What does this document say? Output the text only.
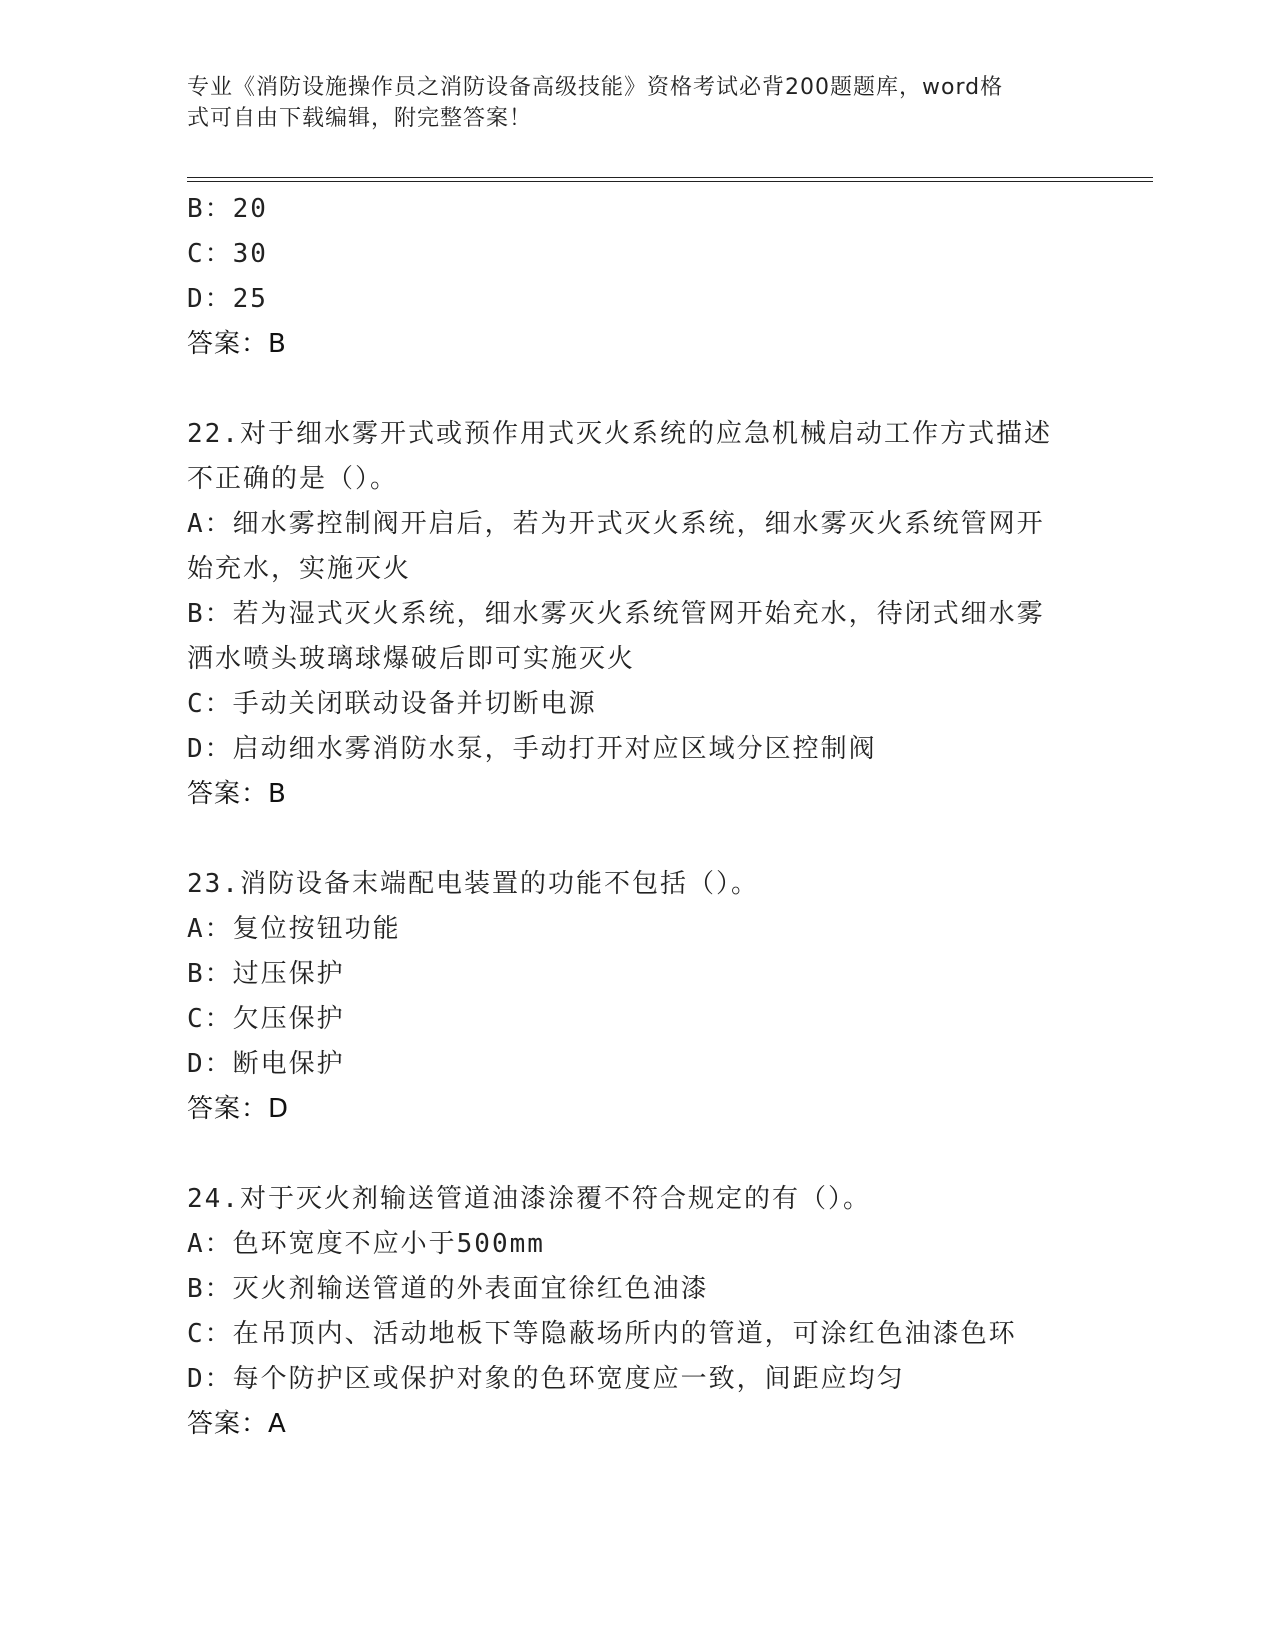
专业《消防设施操作员之消防设备高级技能》资格考试必背200题题库，word格
式可自由下载编辑，附完整答案！
B：20
C：30
D：25
答案：B
22.对于细水雾开式或预作用式灭火系统的应急机械启动工作方式描述
不正确的是（）。
A：细水雾控制阀开启后，若为开式灭火系统，细水雾灭火系统管网开
始充水，实施灭火
B：若为湿式灭火系统，细水雾灭火系统管网开始充水，待闭式细水雾
洒水喷头玻璃球爆破后即可实施灭火
C：手动关闭联动设备并切断电源
D：启动细水雾消防水泵，手动打开对应区域分区控制阀
答案：B
23.消防设备末端配电装置的功能不包括（）。
A：复位按钮功能
B：过压保护
C：欠压保护
D：断电保护
答案：D
24.对于灭火剂输送管道油漆涂覆不符合规定的有（）。
A：色环宽度不应小于500mm
B：灭火剂输送管道的外表面宜徐红色油漆
C：在吊顶内、活动地板下等隐蔽场所内的管道，可涂红色油漆色环
D：每个防护区或保护对象的色环宽度应一致，间距应均匀
答案：A
